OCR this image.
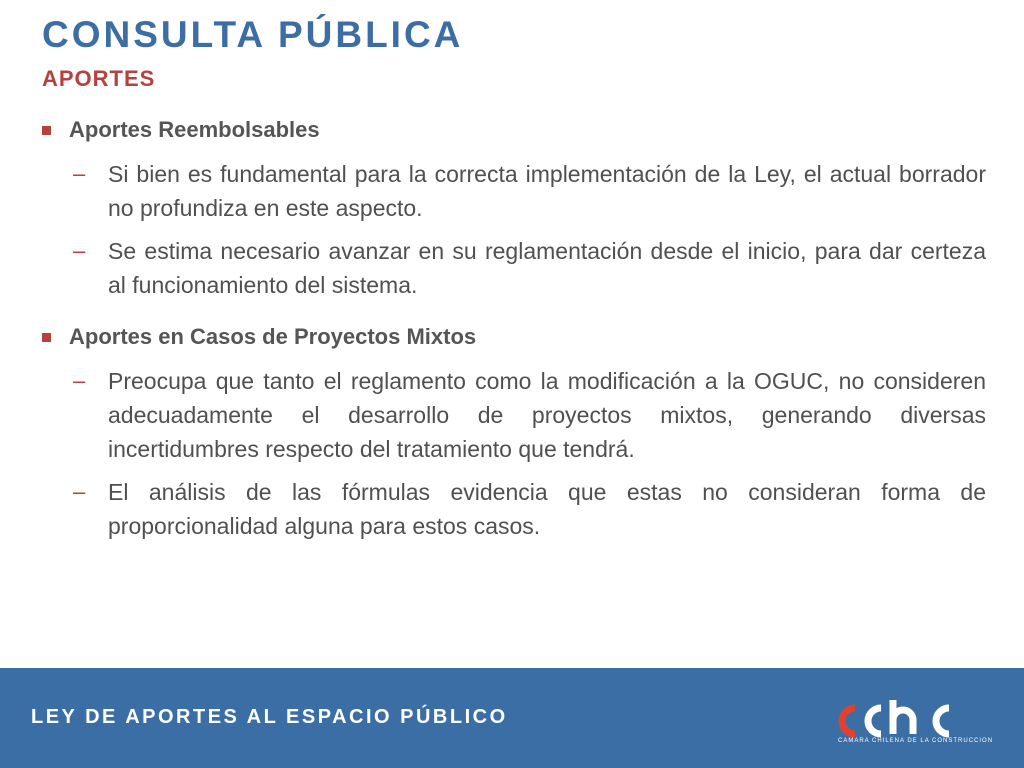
CONSULTA PÚBLICA
APORTES
Aportes Reembolsables
– Si bien es fundamental para la correcta implementación de la Ley, el actual borrador no profundiza en este aspecto.
– Se estima necesario avanzar en su reglamentación desde el inicio, para dar certeza al funcionamiento del sistema.
Aportes en Casos de Proyectos Mixtos
– Preocupa que tanto el reglamento como la modificación a la OGUC, no consideren adecuadamente el desarrollo de proyectos mixtos, generando diversas incertidumbres respecto del tratamiento que tendrá.
– El análisis de las fórmulas evidencia que estas no consideran forma de proporcionalidad alguna para estos casos.
LEY DE APORTES AL ESPACIO PÚBLICO
CAMARA CHILENA DE LA CONSTRUCCION
